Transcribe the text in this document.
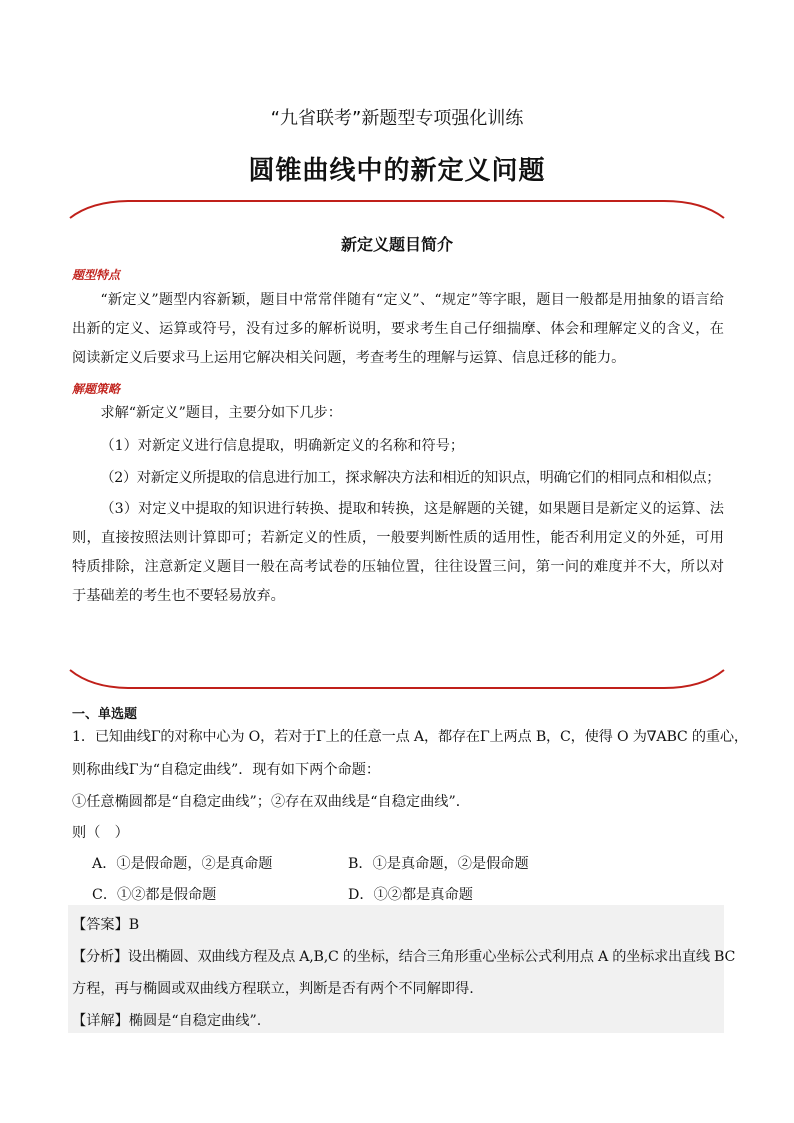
“九省联考”新题型专项强化训练
圆锥曲线中的新定义问题
新定义题目简介
题型特点
“新定义”题型内容新颖，题目中常常伴随有“定义”、“规定”等字眼，题目一般都是用抽象的语言给出新的定义、运算或符号，没有过多的解析说明，要求考生自己仔细揣摩、体会和理解定义的含义，在阅读新定义后要求马上运用它解决相关问题，考查考生的理解与运算、信息迁移的能力。
解题策略
求解“新定义”题目，主要分如下几步：
（1）对新定义进行信息提取，明确新定义的名称和符号；
（2）对新定义所提取的信息进行加工，探求解决方法和相近的知识点，明确它们的相同点和相似点；
（3）对定义中提取的知识进行转换、提取和转换，这是解题的关键，如果题目是新定义的运算、法则，直接按照法则计算即可；若新定义的性质，一般要判断性质的适用性，能否利用定义的外延，可用特质排除，注意新定义题目一般在高考试卷的压轴位置，往往设置三问，第一问的难度并不大，所以对于基础差的考生也不要轻易放弃。
一、单选题
1．已知曲线Γ的对称中心为 O，若对于Γ上的任意一点 A，都存在Γ上两点 B，C，使得 O 为∇ABC 的重心，
则称曲线Γ为“自稳定曲线”．现有如下两个命题：
①任意椭圆都是“自稳定曲线”；②存在双曲线是“自稳定曲线”．
则（　）
A．①是假命题，②是真命题	B．①是真命题，②是假命题
C．①②都是假命题	D．①②都是真命题
【答案】B
【分析】设出椭圆、双曲线方程及点 A,B,C 的坐标，结合三角形重心坐标公式利用点 A 的坐标求出直线 BC
方程，再与椭圆或双曲线方程联立，判断是否有两个不同解即得.
【详解】椭圆是“自稳定曲线”.
